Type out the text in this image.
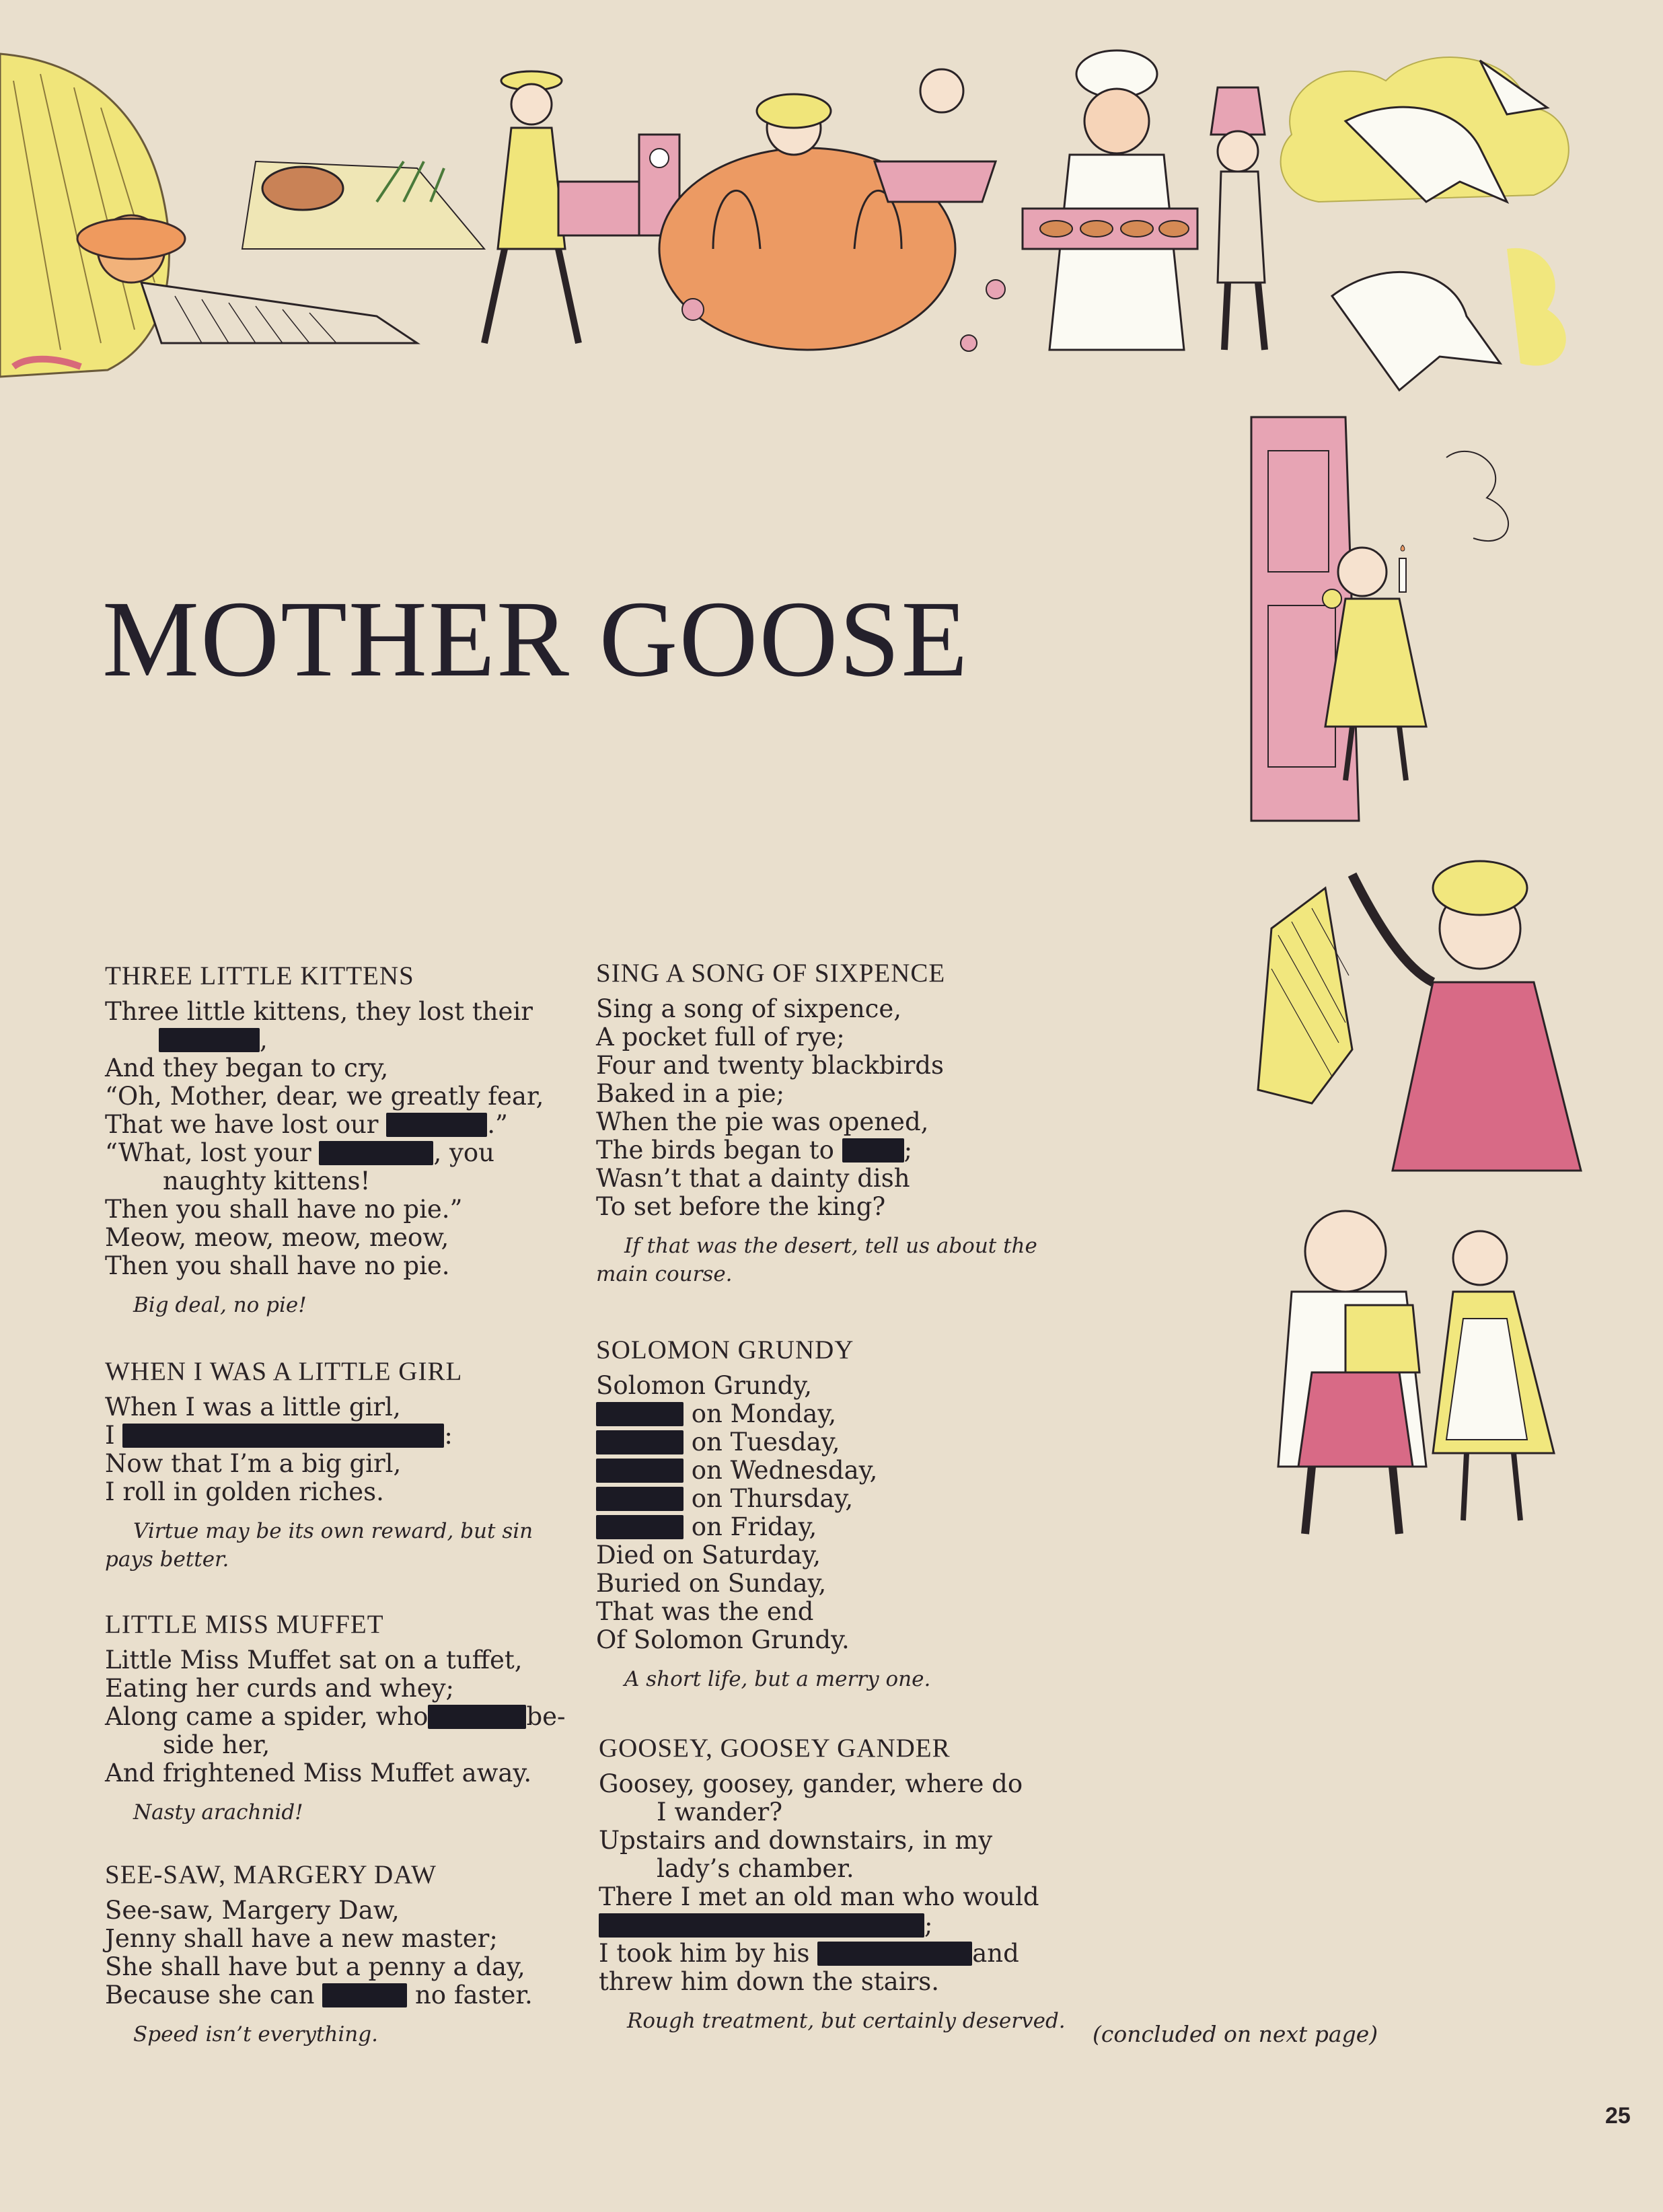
MOTHER GOOSE
THREE LITTLE KITTENS
Three little kittens, they lost their
,
And they began to cry,
“Oh, Mother, dear, we greatly fear,
That we have lost our	.”
“What, lost your	, you
naughty kittens!
Then you shall have no pie.”
Meow, meow, meow, meow,
Then you shall have no pie.
Big deal, no pie!
WHEN I WAS A LITTLE GIRL
When I was a little girl,
I	:
Now that I’m a big girl,
I roll in golden riches.
Virtue may be its own reward, but sin
pays better.
LITTLE MISS MUFFET
Little Miss Muffet sat on a tuffet,
Eating her curds and whey;
Along came a spider, who	be-
side her,
And frightened Miss Muffet away.
Nasty arachnid!
SEE-SAW, MARGERY DAW
See-saw, Margery Daw,
Jenny shall have a new master;
She shall have but a penny a day,
Because she can	no faster.
Speed isn’t everything.
SING A SONG OF SIXPENCE
Sing a song of sixpence,
A pocket full of rye;
Four and twenty blackbirds
Baked in a pie;
When the pie was opened,
The birds began to ;
Wasn’t that a dainty dish
To set before the king?
If that was the desert, tell us about the
main course.
SOLOMON GRUNDY
Solomon Grundy,
on Monday,
on Tuesday,
on Wednesday,
on Thursday,
on Friday,
Died on Saturday,
Buried on Sunday,
That was the end
Of Solomon Grundy.
A short life, but a merry one.
GOOSEY, GOOSEY GANDER
Goosey, goosey, gander, where do
I wander?
Upstairs and downstairs, in my
lady’s chamber.
There I met an old man who would
;
I took him by his	and
threw him down the stairs.
Rough treatment, but certainly deserved. (concluded on next page)
25
